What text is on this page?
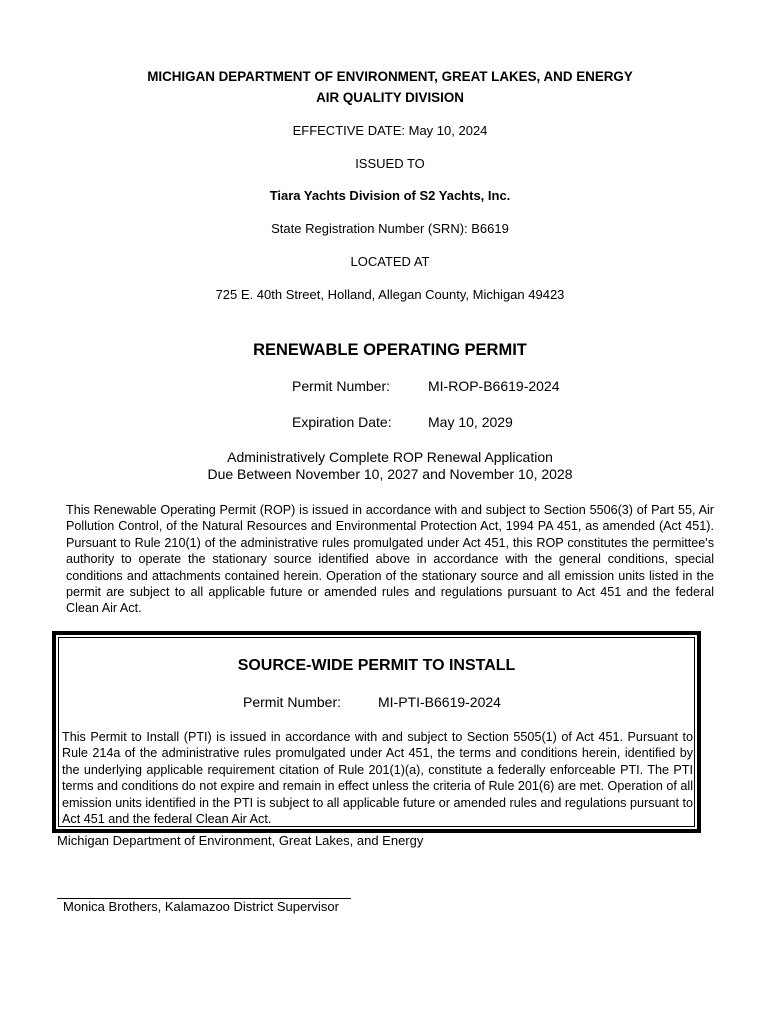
MICHIGAN DEPARTMENT OF ENVIRONMENT, GREAT LAKES, AND ENERGY
AIR QUALITY DIVISION
EFFECTIVE DATE: May 10, 2024
ISSUED TO
Tiara Yachts Division of S2 Yachts, Inc.
State Registration Number (SRN): B6619
LOCATED AT
725 E. 40th Street, Holland, Allegan County, Michigan 49423
RENEWABLE OPERATING PERMIT
Permit Number:	MI-ROP-B6619-2024
Expiration Date:	May 10, 2029
Administratively Complete ROP Renewal Application
Due Between November 10, 2027 and November 10, 2028
This Renewable Operating Permit (ROP) is issued in accordance with and subject to Section 5506(3) of Part 55, Air Pollution Control, of the Natural Resources and Environmental Protection Act, 1994 PA 451, as amended (Act 451). Pursuant to Rule 210(1) of the administrative rules promulgated under Act 451, this ROP constitutes the permittee's authority to operate the stationary source identified above in accordance with the general conditions, special conditions and attachments contained herein. Operation of the stationary source and all emission units listed in the permit are subject to all applicable future or amended rules and regulations pursuant to Act 451 and the federal Clean Air Act.
SOURCE-WIDE PERMIT TO INSTALL
Permit Number:	MI-PTI-B6619-2024
This Permit to Install (PTI) is issued in accordance with and subject to Section 5505(1) of Act 451. Pursuant to Rule 214a of the administrative rules promulgated under Act 451, the terms and conditions herein, identified by the underlying applicable requirement citation of Rule 201(1)(a), constitute a federally enforceable PTI. The PTI terms and conditions do not expire and remain in effect unless the criteria of Rule 201(6) are met. Operation of all emission units identified in the PTI is subject to all applicable future or amended rules and regulations pursuant to Act 451 and the federal Clean Air Act.
Michigan Department of Environment, Great Lakes, and Energy
Monica Brothers, Kalamazoo District Supervisor
